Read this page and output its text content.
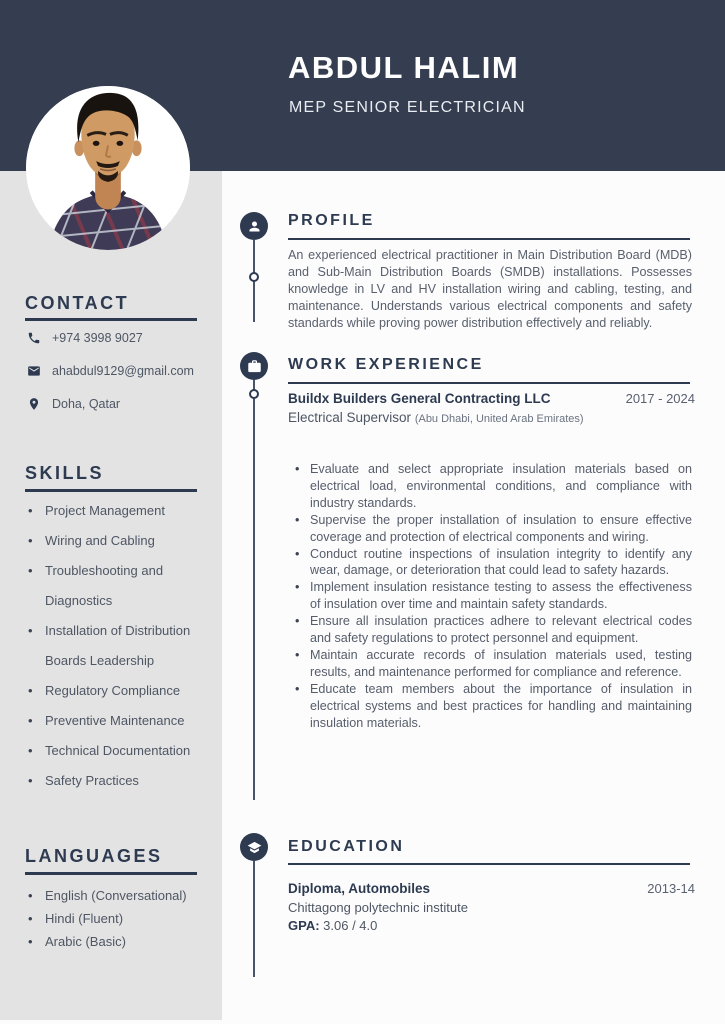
ABDUL HALIM
MEP SENIOR ELECTRICIAN
CONTACT
+974 3998 9027
ahabdul9129@gmail.com
Doha, Qatar
SKILLS
• Project Management
• Wiring and Cabling
• Troubleshooting and Diagnostics
• Installation of Distribution Boards Leadership
• Regulatory Compliance
• Preventive Maintenance
• Technical Documentation
• Safety Practices
LANGUAGES
• English (Conversational)
• Hindi (Fluent)
• Arabic (Basic)
PROFILE

An experienced electrical practitioner in Main Distribution Board (MDB) and Sub-Main Distribution Boards (SMDB) installations. Possesses knowledge in LV and HV installation wiring and cabling, testing, and maintenance. Understands various electrical components and safety standards while proving power distribution effectively and reliably.

WORK EXPERIENCE
Buildx Builders General Contracting LLC	2017 - 2024
Electrical Supervisor (Abu Dhabi, United Arab Emirates)
• Evaluate and select appropriate insulation materials based on electrical load, environmental conditions, and compliance with industry standards.
• Supervise the proper installation of insulation to ensure effective coverage and protection of electrical components and wiring.
• Conduct routine inspections of insulation integrity to identify any wear, damage, or deterioration that could lead to safety hazards.
• Implement insulation resistance testing to assess the effectiveness of insulation over time and maintain safety standards.
• Ensure all insulation practices adhere to relevant electrical codes and safety regulations to protect personnel and equipment.
• Maintain accurate records of insulation materials used, testing results, and maintenance performed for compliance and reference.
• Educate team members about the importance of insulation in electrical systems and best practices for handling and maintaining insulation materials.
EDUCATION
Diploma, Automobiles	2013-14
Chittagong polytechnic institute
GPA: 3.06 / 4.0
